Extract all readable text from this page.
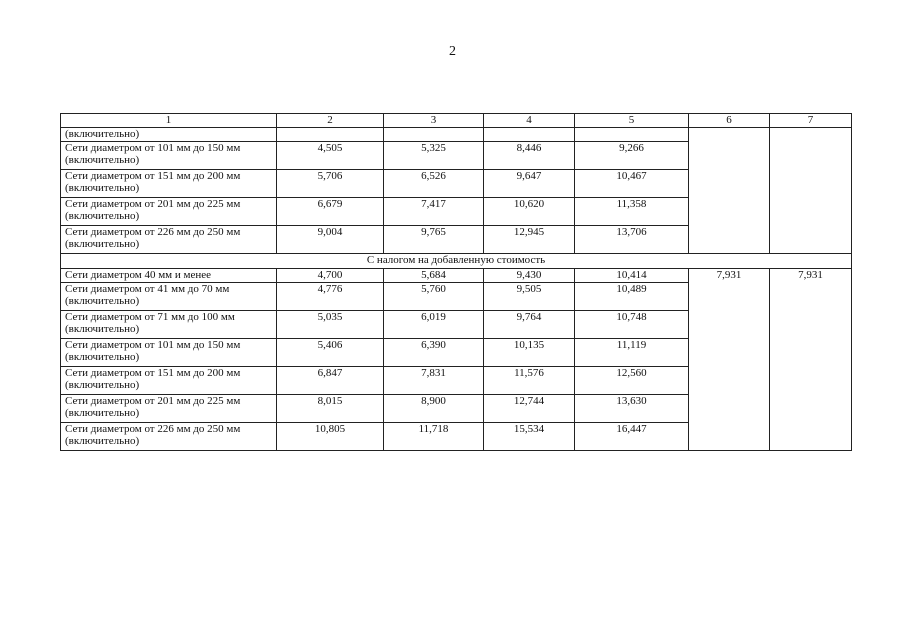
2
1	2	3	4	5	6	7
(включительно)						
Сети диаметром от 101 мм до 150 мм (включительно)	4,505	5,325	8,446	9,266		
Сети диаметром от 151 мм до 200 мм (включительно)	5,706	6,526	9,647	10,467		
Сети диаметром от 201 мм до 225 мм (включительно)	6,679	7,417	10,620	11,358		
Сети диаметром от 226 мм до 250 мм (включительно)	9,004	9,765	12,945	13,706		
С налогом на добавленную стоимость						
Сети диаметром 40 мм и менее	4,700	5,684	9,430	10,414	7,931	7,931
Сети диаметром от 41 мм до 70 мм (включительно)	4,776	5,760	9,505	10,489		
Сети диаметром от 71 мм до 100 мм (включительно)	5,035	6,019	9,764	10,748		
Сети диаметром от 101 мм до 150 мм (включительно)	5,406	6,390	10,135	11,119		
Сети диаметром от 151 мм до 200 мм (включительно)	6,847	7,831	11,576	12,560		
Сети диаметром от 201 мм до 225 мм (включительно)	8,015	8,900	12,744	13,630		
Сети диаметром от 226 мм до 250 мм (включительно)	10,805	11,718	15,534	16,447		
